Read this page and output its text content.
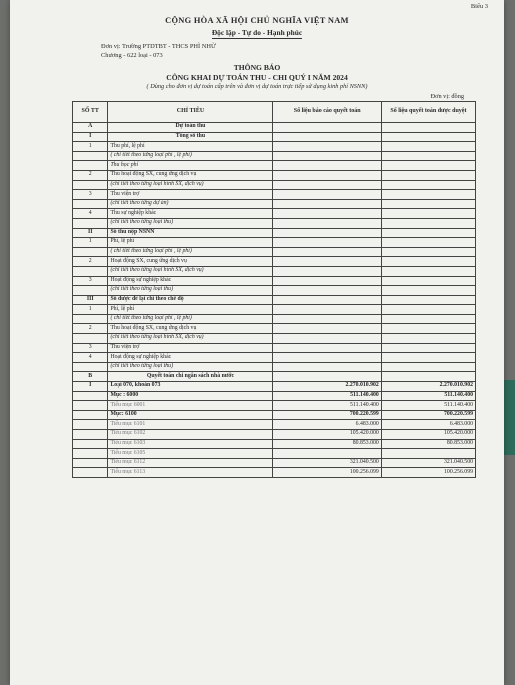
Biểu 3
CỘNG HÒA XÃ HỘI CHỦ NGHĨA VIỆT NAM
Độc lập - Tự do - Hạnh phúc
Đơn vị: Trường PTDTBT - THCS PHÌ NHỪ
Chương - 622 loại - 073
THÔNG BÁO
CÔNG KHAI DỰ TOÁN THU - CHI QUÝ I NĂM 2024
( Dùng cho đơn vị dự toán cấp trên và đơn vị dự toán trực tiếp sử dụng kinh phí NSNN)
Đơn vị: đồng
SỐ TT	CHỈ TIÊU	Số liệu báo cáo quyết toán	Số liệu quyết toán được duyệt
A	Dự toán thu		
I	Tổng số thu		
1	Thu phí, lệ phí		
	( chi tiết theo từng loại phí , lệ phí)		
	Thu học phí		
2	Thu hoạt động SX, cung ứng dịch vụ		
	(chi tiết theo từng loại hình SX, dịch vụ)		
3	Thu viện trợ		
	(chi tiết theo từng dự án)		
4	Thu sự nghiệp khác		
	(chi tiết theo từng loại thu)		
II	Số thu nộp NSNN		
1	Phí, lệ phí		
	( chi tiết theo từng loại phí , lệ phí)		
2	Hoạt động SX, cung ứng dịch vụ		
	(chi tiết theo từng loại hình SX, dịch vụ)		
3	Hoạt động sự nghiệp khác		
	(chi tiết theo từng loại thu)		
III	Số được để lại chi theo chế độ		
1	Phí, lệ phí		
	( chi tiết theo từng loại phí , lệ phí)		
2	Thu hoạt động SX, cung ứng dịch vụ		
	(chi tiết theo từng loại hình SX, dịch vụ)		
3	Thu viện trợ		
4	Hoạt động sự nghiệp khác		
	(chi tiết theo từng loại thu)		
B	Quyết toán chi ngân sách nhà nước		
I	Loại 070, khoản 073	2.270.010.902	2.270.010.902
	Mục : 6000	511.140.400	511.140.400
	Tiểu mục 6001	511.140.400	511.140.400
	Mục: 6100	700.220.599	700.220.599
	Tiểu mục 6101	6.483.000	6.483.000
	Tiểu mục 6102	105.420.000	105.420.000
	Tiểu mục 6103	80.853.000	80.853.000
	Tiểu mục 6105		
	Tiểu mục 6112	321.040.500	321.040.500
	Tiểu mục 6113	100.256.099	100.256.099
